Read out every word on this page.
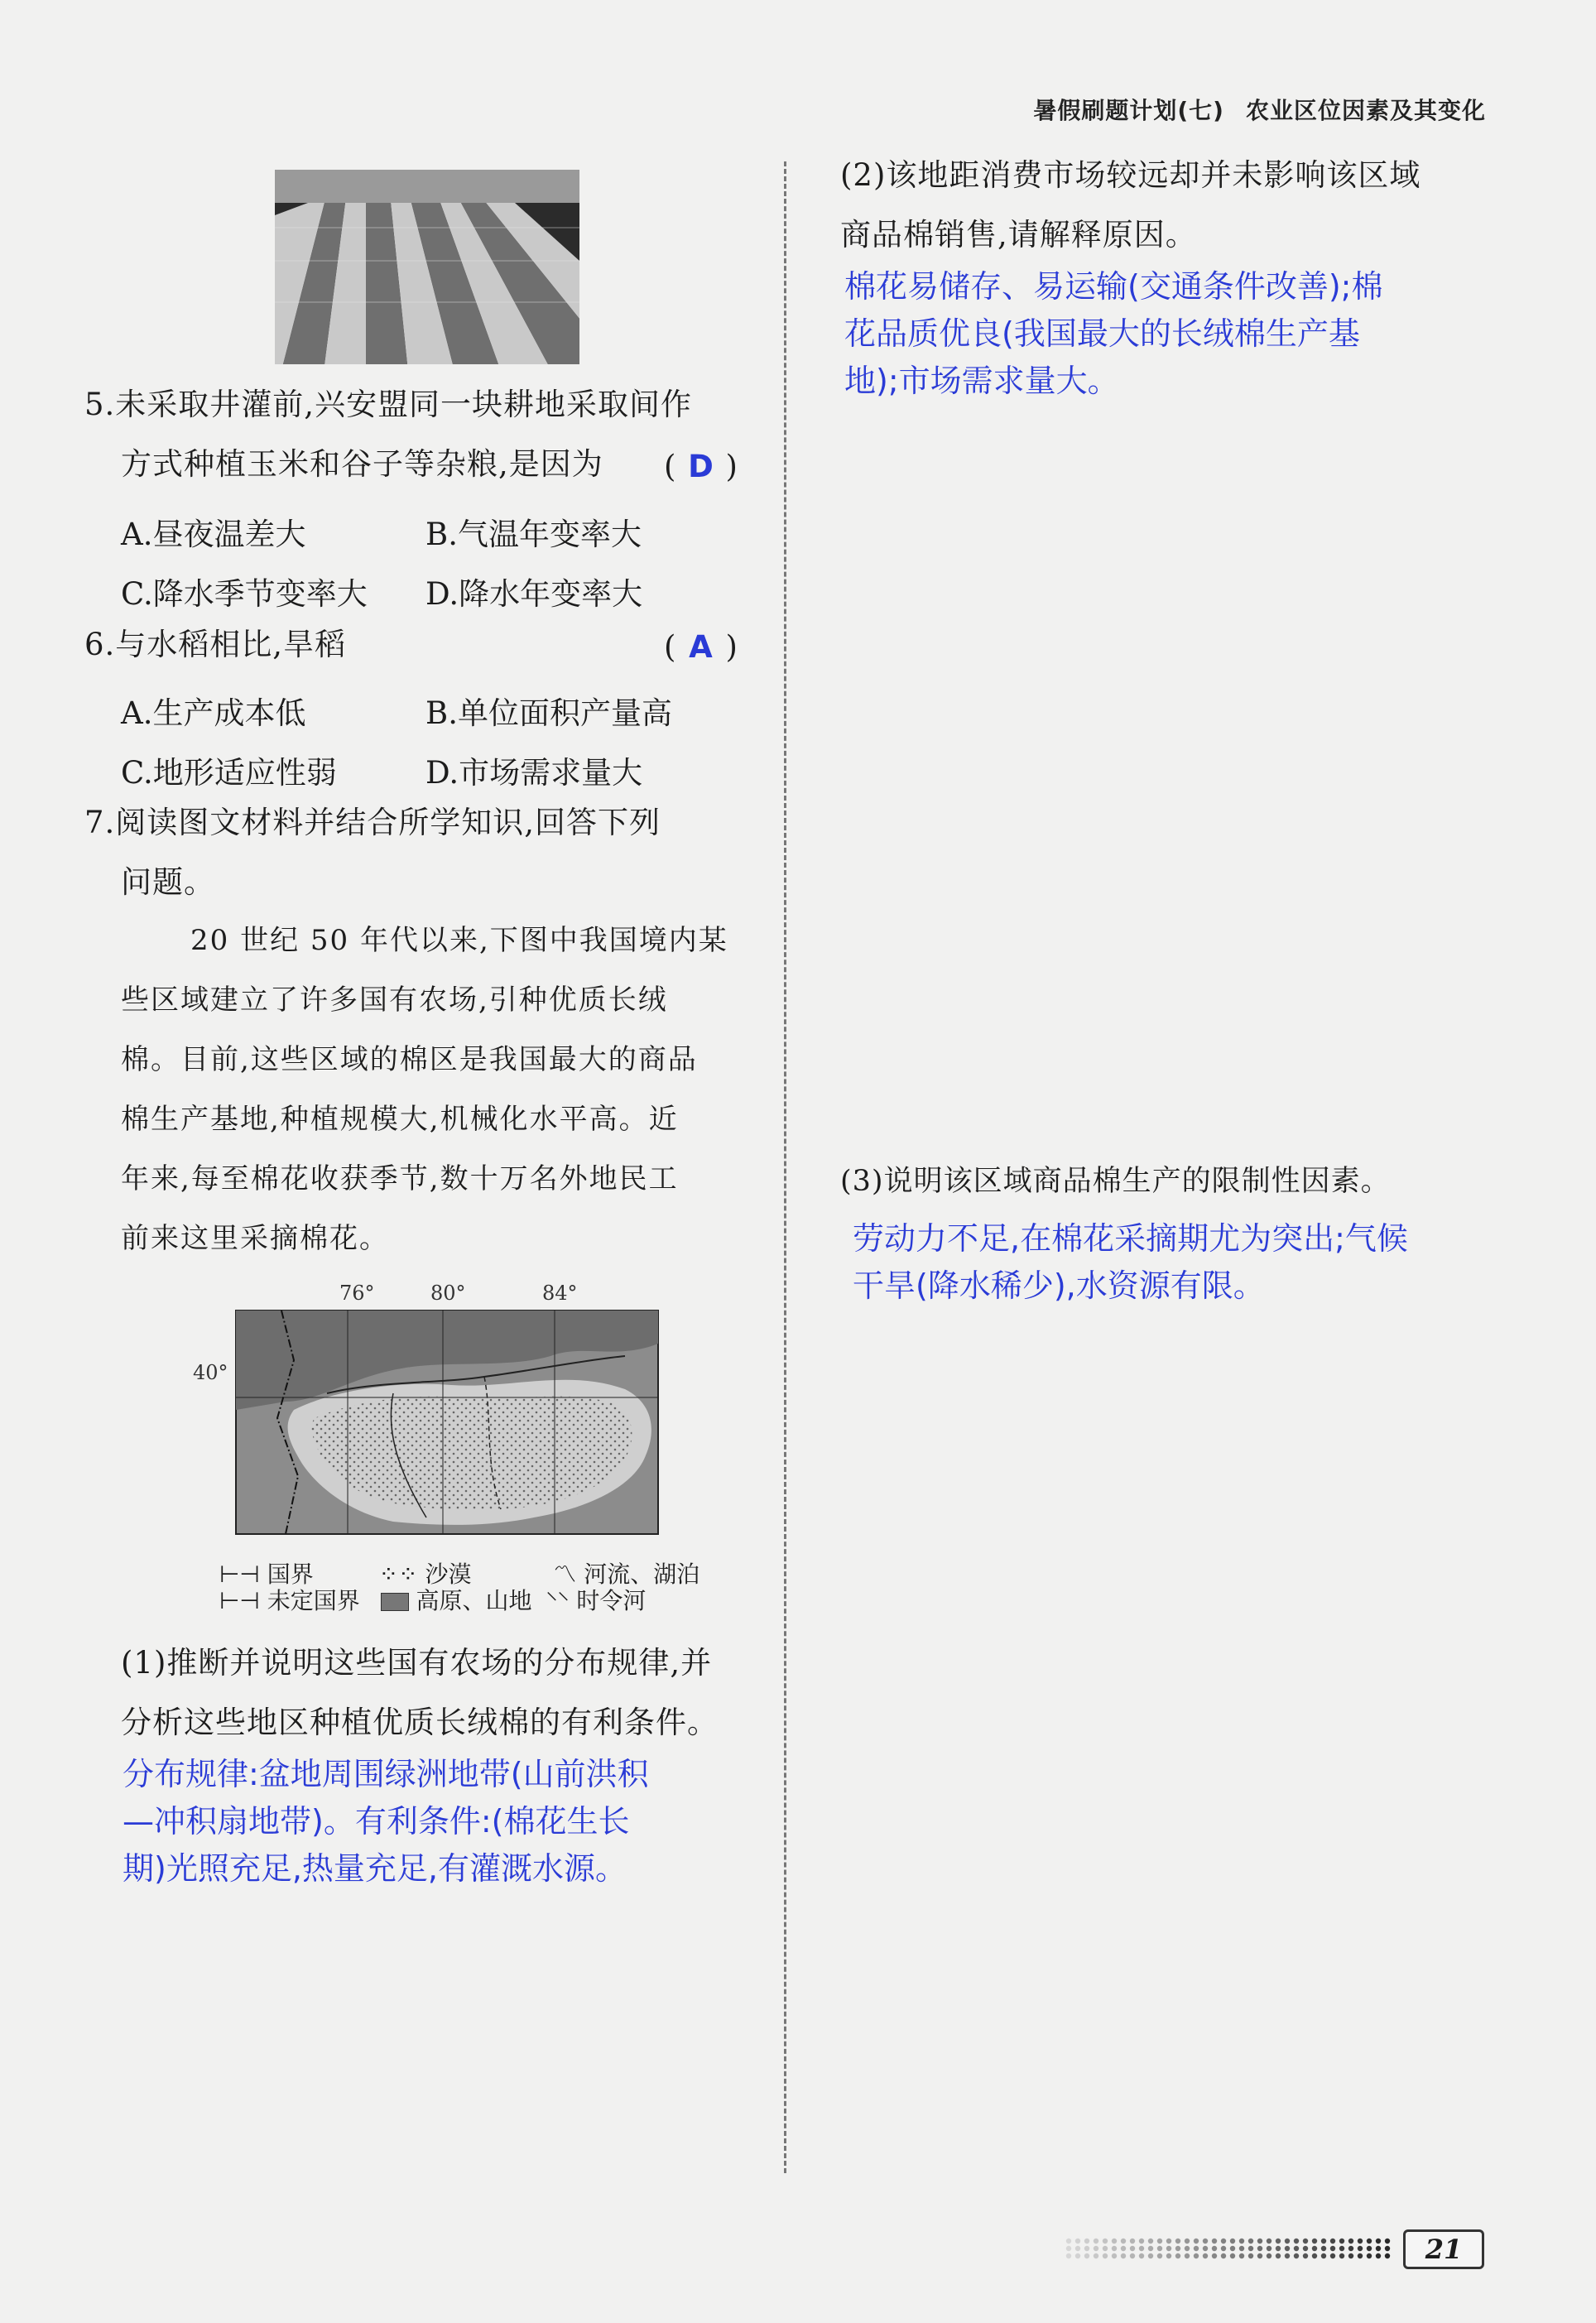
暑假刷题计划(七) 农业区位因素及其变化
5.未采取井灌前,兴安盟同一块耕地采取间作
方式种植玉米和谷子等杂粮,是因为 ( D )
A.昼夜温差大	B.气温年变率大
C.降水季节变率大 D.降水年变率大
6.与水稻相比,旱稻	( A )
A.生产成本低	B.单位面积产量高
C.地形适应性弱	D.市场需求量大
7.阅读图文材料并结合所学知识,回答下列
问题。
20 世纪 50 年代以来,下图中我国境内某
些区域建立了许多国有农场,引种优质长绒
棉。目前,这些区域的棉区是我国最大的商品
棉生产基地,种植规模大,机械化水平高。近
年来,每至棉花收获季节,数十万名外地民工
前来这里采摘棉花。
76°	80°	84°
40°
⊢⊣ 国界	⁘⁘ 沙漠	〽 河流、湖泊
⊢⊣ 未定国界 高原、山地 ⸌⸌ 时令河
(1)推断并说明这些国有农场的分布规律,并
分析这些地区种植优质长绒棉的有利条件。
分布规律:盆地周围绿洲地带(山前洪积
—冲积扇地带)。有利条件:(棉花生长
期)光照充足,热量充足,有灌溉水源。
(2)该地距消费市场较远却并未影响该区域
商品棉销售,请解释原因。
棉花易储存、易运输(交通条件改善);棉
花品质优良(我国最大的长绒棉生产基
地);市场需求量大。
(3)说明该区域商品棉生产的限制性因素。
劳动力不足,在棉花采摘期尤为突出;气候
干旱(降水稀少),水资源有限。
21
